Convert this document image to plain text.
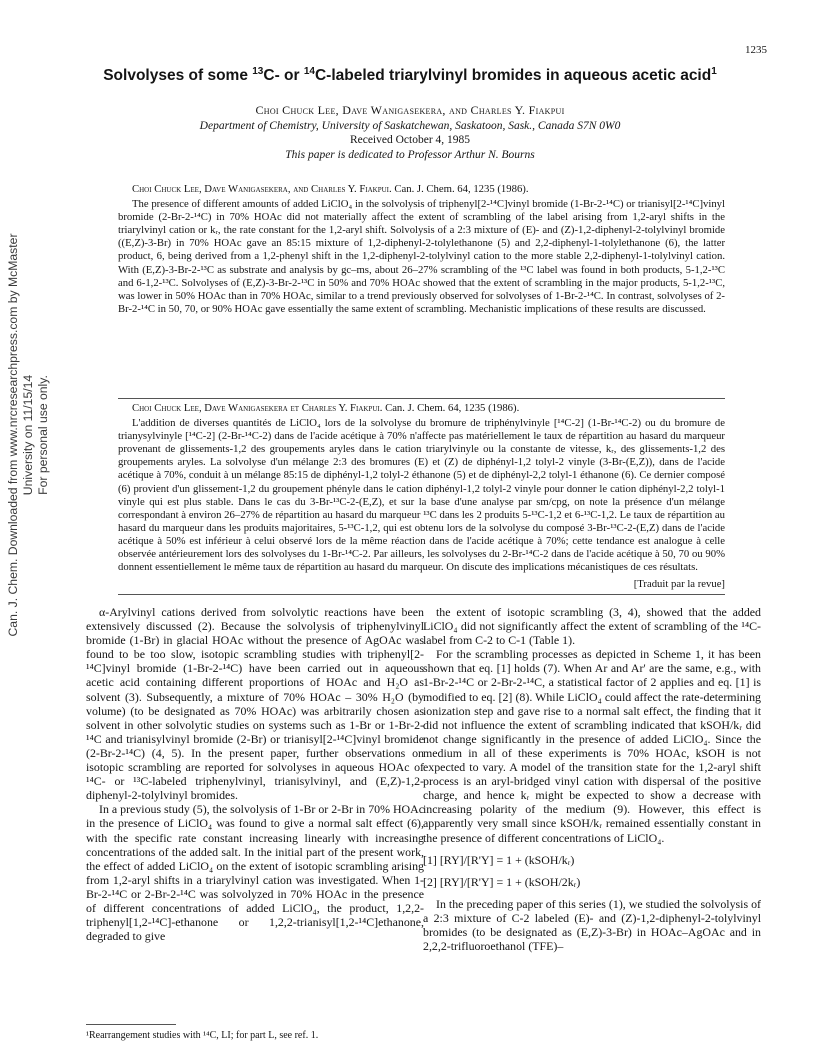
Can. J. Chem. Downloaded from www.nrcresearchpress.com by McMaster University on 11/15/14 For personal use only.
1235
Solvolyses of some $^{13}$C- or $^{14}$C-labeled triarylvinyl bromides in aqueous acetic acid$^1$
Choi Chuck Lee, Dave Wanigasekera, and Charles Y. Fiakpui
Department of Chemistry, University of Saskatchewan, Saskatoon, Sask., Canada S7N 0W0
Received October 4, 1985
This paper is dedicated to Professor Arthur N. Bourns

Choi Chuck Lee, Dave Wanigasekera, and Charles Y. Fiakpui. Can. J. Chem. 64, 1235 (1986).

The presence of different amounts of added LiClO₄ in the solvolysis of triphenyl[2-¹⁴C]vinyl bromide (1-Br-2-¹⁴C) or trianisyl[2-¹⁴C]vinyl bromide (2-Br-2-¹⁴C) in 70% HOAc did not materially affect the extent of scrambling of the label arising from 1,2-aryl shifts in the triarylvinyl cation or kᵣ, the rate constant for the 1,2-aryl shift. Solvolysis of a 2:3 mixture of (E)- and (Z)-1,2-diphenyl-2-tolylvinyl bromide ((E,Z)-3-Br) in 70% HOAc gave an 85:15 mixture of 1,2-diphenyl-2-tolylethanone (5) and 2,2-diphenyl-1-tolylethanone (6), the latter product, 6, being derived from a 1,2-phenyl shift in the 1,2-diphenyl-2-tolylvinyl cation to the more stable 2,2-diphenyl-1-tolylvinyl cation. With (E,Z)-3-Br-2-¹³C as substrate and analysis by gc–ms, about 26–27% scrambling of the ¹³C label was found in both products, 5-1,2-¹³C and 6-1,2-¹³C. Solvolyses of (E,Z)-3-Br-2-¹³C in 50% and 70% HOAc showed that the extent of scrambling in the major products, 5-1,2-¹³C, was lower in 50% HOAc than in 70% HOAc, similar to a trend previously observed for solvolyses of 1-Br-2-¹⁴C. In contrast, solvolyses of 2-Br-2-¹⁴C in 50, 70, or 90% HOAc gave essentially the same extent of scrambling. Mechanistic implications of these results are discussed.

Choi Chuck Lee, Dave Wanigasekera et Charles Y. Fiakpui. Can. J. Chem. 64, 1235 (1986).

L'addition de diverses quantités de LiClO₄ lors de la solvolyse du bromure de triphénylvinyle [¹⁴C-2] (1-Br-¹⁴C-2) ou du bromure de trianysylvinyle [¹⁴C-2] (2-Br-¹⁴C-2) dans de l'acide acétique à 70% n'affecte pas matériellement le taux de répartition au hasard du marqueur provenant de glissements-1,2 des groupements aryles dans le cation triarylvinyle ou la constante de vitesse, kᵣ, des glissements-1,2 des groupements aryles. La solvolyse d'un mélange 2:3 des bromures (E) et (Z) de diphényl-1,2 tolyl-2 vinyle (3-Br-(E,Z)), dans de l'acide acétique à 70%, conduit à un mélange 85:15 de diphényl-1,2 tolyl-2 éthanone (5) et de diphényl-2,2 tolyl-1 éthanone (6). Ce dernier composé (6) provient d'un glissement-1,2 du groupement phényle dans le cation diphényl-1,2 tolyl-2 vinyle pour donner le cation diphényl-2,2 tolyl-1 vinyle qui est plus stable. Dans le cas du 3-Br-¹³C-2-(E,Z), et sur la base d'une analyse par sm/cpg, on note la présence d'un mélange correspondant à environ 26–27% de répartition au hasard du marqueur ¹³C dans les 2 produits 5-¹³C-1,2 et 6-¹³C-1,2. Le taux de répartition au hasard du marqueur dans les produits majoritaires, 5-¹³C-1,2, qui est obtenu lors de la solvolyse du composé 3-Br-¹³C-2-(E,Z) dans de l'acide acétique à 50% est inférieur à celui observé lors de la même réaction dans de l'acide acétique à 70%; cette tendance est analogue à celle observée antérieurement lors des solvolyses du 1-Br-¹⁴C-2. Par ailleurs, les solvolyses du 2-Br-¹⁴C-2 dans de l'acide acétique à 50, 70 ou 90% donnent essentiellement le même taux de répartition au hasard du marqueur. On discute des implications mécanistiques de ces résultats.

[Traduit par la revue]

α-Arylvinyl cations derived from solvolytic reactions have been extensively discussed (2). Because the solvolysis of triphenylvinyl bromide (1-Br) in glacial HOAc without the presence of AgOAc was found to be too slow, isotopic scrambling studies with triphenyl[2-¹⁴C]vinyl bromide (1-Br-2-¹⁴C) have been carried out in aqueous acetic acid containing different proportions of HOAc and H₂O as solvent (3). Subsequently, a mixture of 70% HOAc – 30% H₂O (by volume) (to be designated as 70% HOAc) was arbitrarily chosen as solvent in other solvolytic studies on systems such as 1-Br or 1-Br-2-¹⁴C and trianisylvinyl bromide (2-Br) or trianisyl[2-¹⁴C]vinyl bromide (2-Br-2-¹⁴C) (4, 5). In the present paper, further observations on isotopic scrambling are reported for solvolyses in aqueous HOAc of ¹⁴C- or ¹³C-labeled triphenylvinyl, trianisylvinyl, and (E,Z)-1,2-diphenyl-2-tolylvinyl bromides.

In a previous study (5), the solvolysis of 1-Br or 2-Br in 70% HOAc in the presence of LiClO₄ was found to give a normal salt effect (6), with the specific rate constant increasing linearly with increasing concentrations of the added salt. In the initial part of the present work, the effect of added LiClO₄ on the extent of isotopic scrambling arising from 1,2-aryl shifts in a triarylvinyl cation was investigated. When 1-Br-2-¹⁴C or 2-Br-2-¹⁴C was solvolyzed in 70% HOAc in the presence of different concentrations of added LiClO₄, the product, 1,2,2-triphenyl[1,2-¹⁴C]-ethanone or 1,2,2-trianisyl[1,2-¹⁴C]ethanone, degraded to give

the extent of isotopic scrambling (3, 4), showed that the added LiClO₄ did not significantly affect the extent of scrambling of the ¹⁴C-label from C-2 to C-1 (Table 1).

For the scrambling processes as depicted in Scheme 1, it has been shown that eq. [1] holds (7). When Ar and Ar' are the same, e.g., with 1-Br-2-¹⁴C or 2-Br-2-¹⁴C, a statistical factor of 2 applies and eq. [1] is modified to eq. [2] (8). While LiClO₄ could affect the rate-determining ionization step and gave rise to a normal salt effect, the finding that it did not influence the extent of scrambling indicated that kSOH/kᵣ did not change significantly in the presence of added LiClO₄. Since the medium in all of these experiments is 70% HOAc, kSOH is not expected to vary. A model of the transition state for the 1,2-aryl shift process is an aryl-bridged vinyl cation with dispersal of the positive charge, and hence kᵣ might be expected to show a decrease with increasing polarity of the medium (9). However, this effect is apparently very small since kSOH/kᵣ remained essentially constant in the presence of different concentrations of LiClO₄.

[1] [RY]/[R'Y] = 1 + (kSOH/kᵣ)

[2] [RY]/[R'Y] = 1 + (kSOH/2kᵣ)

In the preceding paper of this series (1), we studied the solvolysis of a 2:3 mixture of C-2 labeled (E)- and (Z)-1,2-diphenyl-2-tolylvinyl bromides (to be designated as (E,Z)-3-Br) in HOAc–AgOAc and in 2,2,2-trifluoroethanol (TFE)–

¹Rearrangement studies with ¹⁴C, LI; for part L, see ref. 1.
